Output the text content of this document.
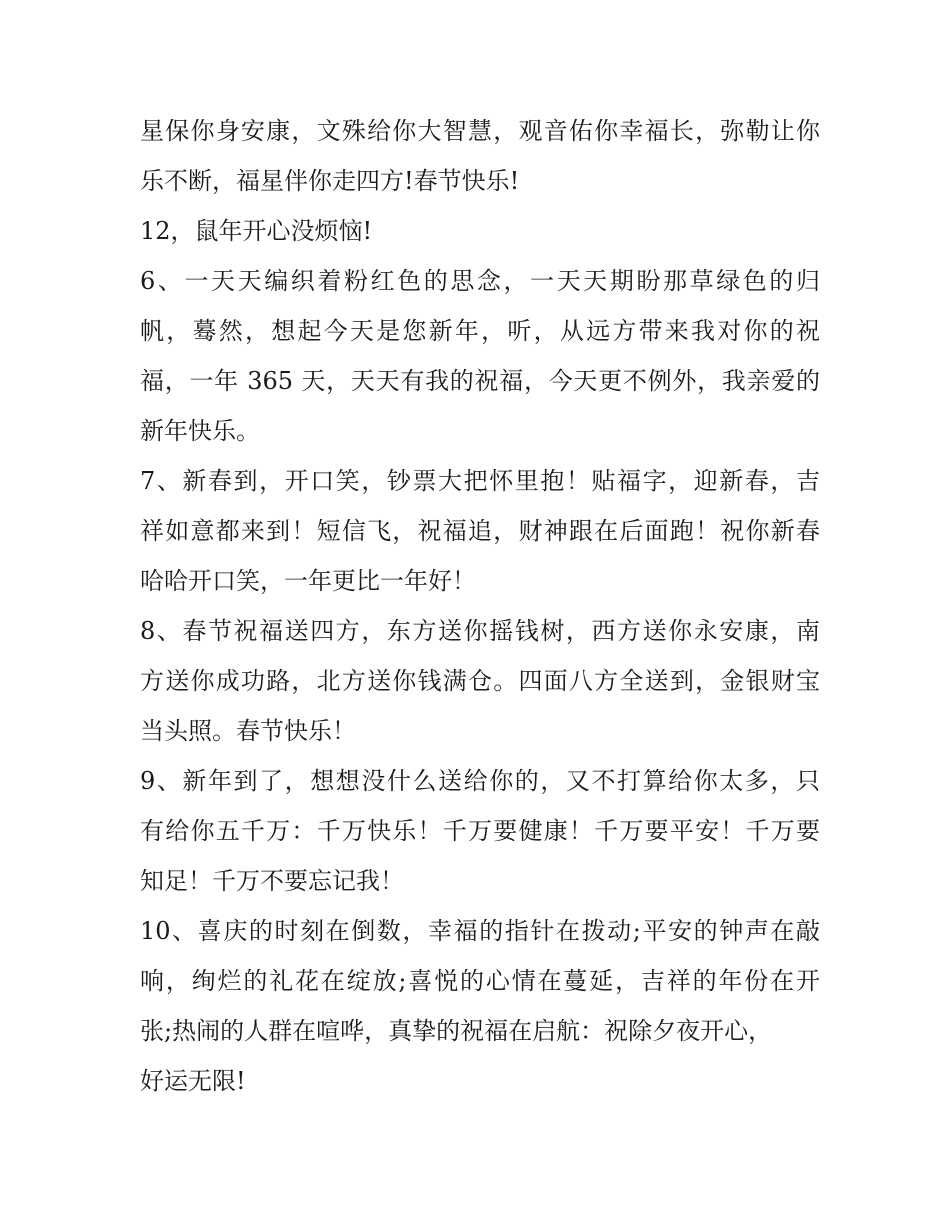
星保你身安康，文殊给你大智慧，观音佑你幸福长，弥勒让你
乐不断，福星伴你走四方!春节快乐!
12，鼠年开心没烦恼!
6、一天天编织着粉红色的思念，一天天期盼那草绿色的归
帆，蓦然，想起今天是您新年，听，从远方带来我对你的祝
福，一年 365 天，天天有我的祝福，今天更不例外，我亲爱的
新年快乐。
7、新春到，开口笑，钞票大把怀里抱！贴福字，迎新春，吉
祥如意都来到！短信飞，祝福追，财神跟在后面跑！祝你新春
哈哈开口笑，一年更比一年好！
8、春节祝福送四方，东方送你摇钱树，西方送你永安康，南
方送你成功路，北方送你钱满仓。四面八方全送到，金银财宝
当头照。春节快乐！
9、新年到了，想想没什么送给你的，又不打算给你太多，只
有给你五千万：千万快乐！千万要健康！千万要平安！千万要
知足！千万不要忘记我！
10、喜庆的时刻在倒数，幸福的指针在拨动;平安的钟声在敲
响，绚烂的礼花在绽放;喜悦的心情在蔓延，吉祥的年份在开
张;热闹的人群在喧哗，真挚的祝福在启航：祝除夕夜开心，
好运无限!
